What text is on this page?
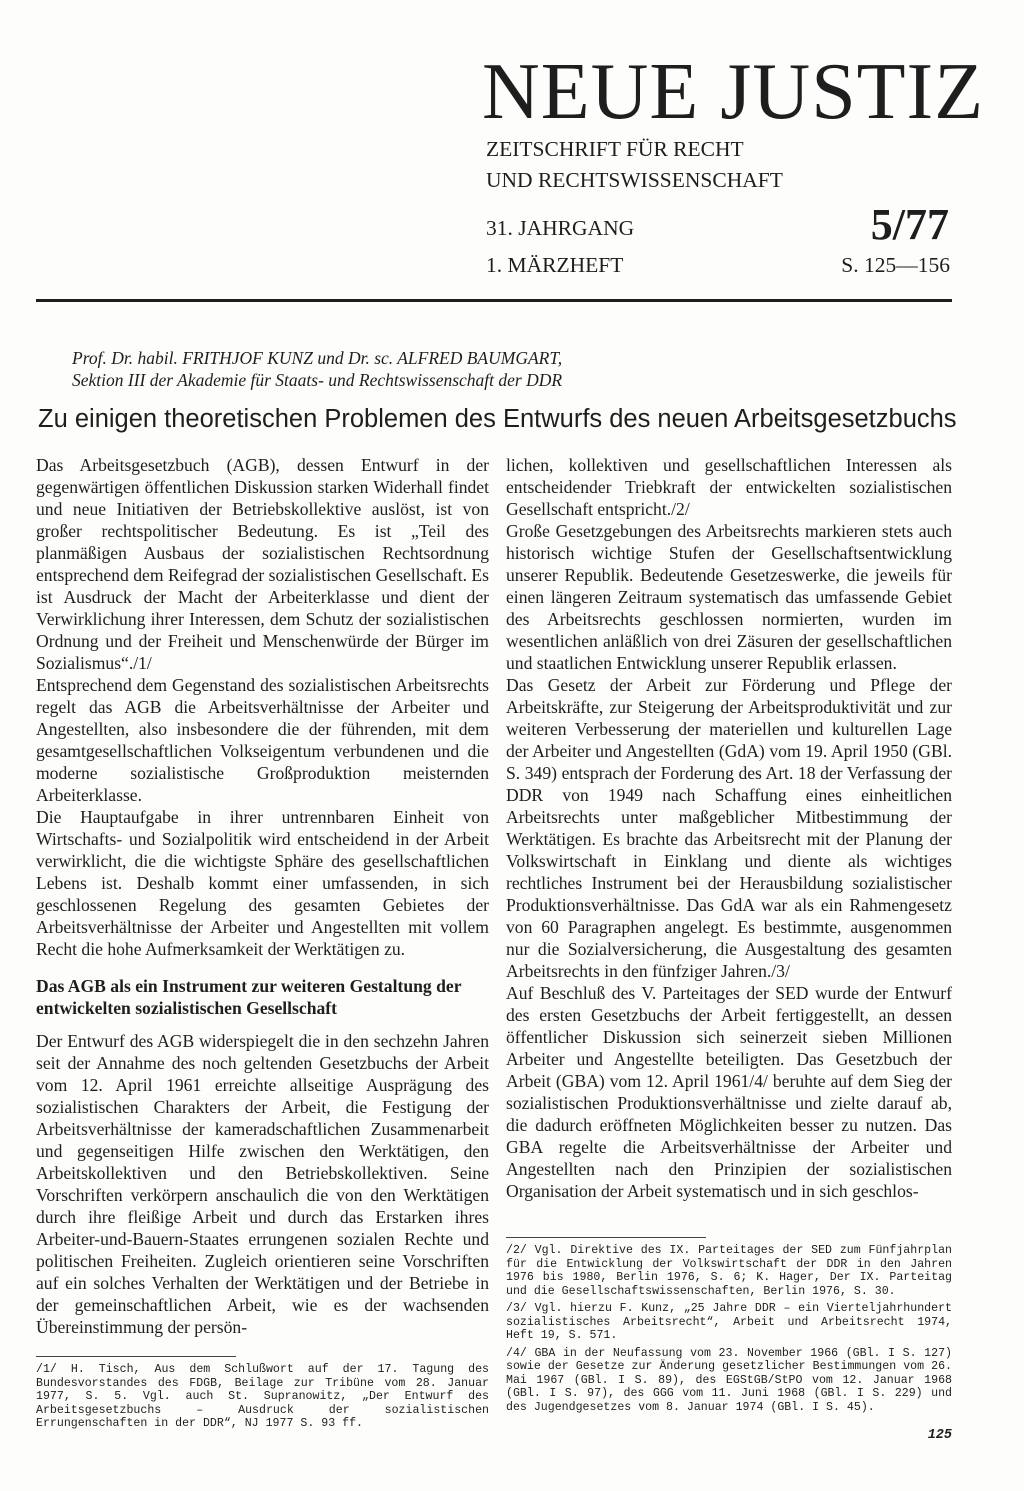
NEUE JUSTIZ
ZEITSCHRIFT FÜR RECHT
UND RECHTSWISSENSCHAFT
31. JAHRGANG
1. MÄRZHEFT
5/77
S. 125—156
Prof. Dr. habil. FRITHJOF KUNZ und Dr. sc. ALFRED BAUMGART,
Sektion III der Akademie für Staats- und Rechtswissenschaft der DDR
Zu einigen theoretischen Problemen des Entwurfs des neuen Arbeitsgesetzbuchs

Das Arbeitsgesetzbuch (AGB), dessen Entwurf in der gegenwärtigen öffentlichen Diskussion starken Widerhall findet und neue Initiativen der Betriebskollektive auslöst, ist von großer rechtspolitischer Bedeutung. Es ist „Teil des planmäßigen Ausbaus der sozialistischen Rechtsordnung entsprechend dem Reifegrad der sozialistischen Gesellschaft. Es ist Ausdruck der Macht der Arbeiterklasse und dient der Verwirklichung ihrer Interessen, dem Schutz der sozialistischen Ordnung und der Freiheit und Menschenwürde der Bürger im Sozialismus“./1/

Entsprechend dem Gegenstand des sozialistischen Arbeitsrechts regelt das AGB die Arbeitsverhältnisse der Arbeiter und Angestellten, also insbesondere die der führenden, mit dem gesamtgesellschaftlichen Volkseigentum verbundenen und die moderne sozialistische Großproduktion meisternden Arbeiterklasse.

Die Hauptaufgabe in ihrer untrennbaren Einheit von Wirtschafts- und Sozialpolitik wird entscheidend in der Arbeit verwirklicht, die die wichtigste Sphäre des gesellschaftlichen Lebens ist. Deshalb kommt einer umfassenden, in sich geschlossenen Regelung des gesamten Gebietes der Arbeitsverhältnisse der Arbeiter und Angestellten mit vollem Recht die hohe Aufmerksamkeit der Werktätigen zu.

Das AGB als ein Instrument zur weiteren Gestaltung der entwickelten sozialistischen Gesellschaft

Der Entwurf des AGB widerspiegelt die in den sechzehn Jahren seit der Annahme des noch geltenden Gesetzbuchs der Arbeit vom 12. April 1961 erreichte allseitige Ausprägung des sozialistischen Charakters der Arbeit, die Festigung der Arbeitsverhältnisse der kameradschaftlichen Zusammenarbeit und gegenseitigen Hilfe zwischen den Werktätigen, den Arbeitskollektiven und den Betriebskollektiven. Seine Vorschriften verkörpern anschaulich die von den Werktätigen durch ihre fleißige Arbeit und durch das Erstarken ihres Arbeiter-und-Bauern-Staates errungenen sozialen Rechte und politischen Freiheiten. Zugleich orientieren seine Vorschriften auf ein solches Verhalten der Werktätigen und der Betriebe in der gemeinschaftlichen Arbeit, wie es der wachsenden Übereinstimmung der persön-

lichen, kollektiven und gesellschaftlichen Interessen als entscheidender Triebkraft der entwickelten sozialistischen Gesellschaft entspricht./2/

Große Gesetzgebungen des Arbeitsrechts markieren stets auch historisch wichtige Stufen der Gesellschaftsentwicklung unserer Republik. Bedeutende Gesetzeswerke, die jeweils für einen längeren Zeitraum systematisch das umfassende Gebiet des Arbeitsrechts geschlossen normierten, wurden im wesentlichen anläßlich von drei Zäsuren der gesellschaftlichen und staatlichen Entwicklung unserer Republik erlassen.

Das Gesetz der Arbeit zur Förderung und Pflege der Arbeitskräfte, zur Steigerung der Arbeitsproduktivität und zur weiteren Verbesserung der materiellen und kulturellen Lage der Arbeiter und Angestellten (GdA) vom 19. April 1950 (GBl. S. 349) entsprach der Forderung des Art. 18 der Verfassung der DDR von 1949 nach Schaffung eines einheitlichen Arbeitsrechts unter maßgeblicher Mitbestimmung der Werktätigen. Es brachte das Arbeitsrecht mit der Planung der Volkswirtschaft in Einklang und diente als wichtiges rechtliches Instrument bei der Herausbildung sozialistischer Produktionsverhältnisse. Das GdA war als ein Rahmengesetz von 60 Paragraphen angelegt. Es bestimmte, ausgenommen nur die Sozialversicherung, die Ausgestaltung des gesamten Arbeitsrechts in den fünfziger Jahren./3/

Auf Beschluß des V. Parteitages der SED wurde der Entwurf des ersten Gesetzbuchs der Arbeit fertiggestellt, an dessen öffentlicher Diskussion sich seinerzeit sieben Millionen Arbeiter und Angestellte beteiligten. Das Gesetzbuch der Arbeit (GBA) vom 12. April 1961/4/ beruhte auf dem Sieg der sozialistischen Produktionsverhältnisse und zielte darauf ab, die dadurch eröffneten Möglichkeiten besser zu nutzen. Das GBA regelte die Arbeitsverhältnisse der Arbeiter und Angestellten nach den Prinzipien der sozialistischen Organisation der Arbeit systematisch und in sich geschlos-

/2/ Vgl. Direktive des IX. Parteitages der SED zum Fünfjahrplan für die Entwicklung der Volkswirtschaft der DDR in den Jahren 1976 bis 1980, Berlin 1976, S. 6; K. Hager, Der IX. Parteitag und die Gesellschaftswissenschaften, Berlin 1976, S. 30.

/3/ Vgl. hierzu F. Kunz, „25 Jahre DDR – ein Vierteljahrhundert sozialistisches Arbeitsrecht“, Arbeit und Arbeitsrecht 1974, Heft 19, S. 571.

/4/ GBA in der Neufassung vom 23. November 1966 (GBl. I S. 127) sowie der Gesetze zur Änderung gesetzlicher Bestimmungen vom 26. Mai 1967 (GBl. I S. 89), des EGStGB/StPO vom 12. Januar 1968 (GBl. I S. 97), des GGG vom 11. Juni 1968 (GBl. I S. 229) und des Jugendgesetzes vom 8. Januar 1974 (GBl. I S. 45).

/1/ H. Tisch, Aus dem Schlußwort auf der 17. Tagung des Bundesvorstandes des FDGB, Beilage zur Tribüne vom 28. Januar 1977, S. 5. Vgl. auch St. Supranowitz, „Der Entwurf des Arbeitsgesetzbuchs – Ausdruck der sozialistischen Errungenschaften in der DDR“, NJ 1977 S. 93 ff.

125
